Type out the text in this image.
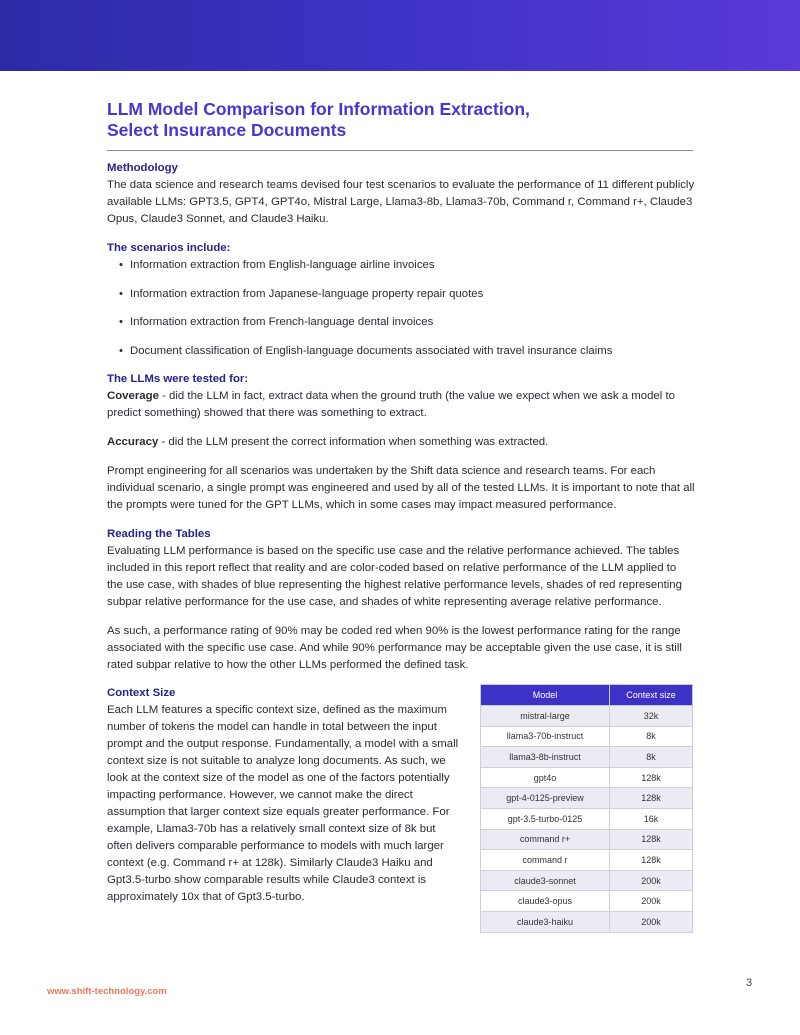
LLM Model Comparison for Information Extraction,
Select Insurance Documents
Methodology

The data science and research teams devised four test scenarios to evaluate the performance of 11 different publicly available LLMs: GPT3.5, GPT4, GPT4o, Mistral Large, Llama3-8b, Llama3-70b, Command r, Command r+, Claude3 Opus, Claude3 Sonnet, and Claude3 Haiku.

The scenarios include:
• Information extraction from English-language airline invoices
• Information extraction from Japanese-language property repair quotes
• Information extraction from French-language dental invoices
• Document classification of English-language documents associated with travel insurance claims
The LLMs were tested for:

Coverage - did the LLM in fact, extract data when the ground truth (the value we expect when we ask a model to predict something) showed that there was something to extract.

Accuracy - did the LLM present the correct information when something was extracted.

Prompt engineering for all scenarios was undertaken by the Shift data science and research teams. For each individual scenario, a single prompt was engineered and used by all of the tested LLMs. It is important to note that all the prompts were tuned for the GPT LLMs, which in some cases may impact measured performance.

Reading the Tables

Evaluating LLM performance is based on the specific use case and the relative performance achieved. The tables included in this report reflect that reality and are color-coded based on relative performance of the LLM applied to the use case, with shades of blue representing the highest relative performance levels, shades of red representing subpar relative performance for the use case, and shades of white representing average relative performance.

As such, a performance rating of 90% may be coded red when 90% is the lowest performance rating for the range associated with the specific use case. And while 90% performance may be acceptable given the use case, it is still rated subpar relative to how the other LLMs performed the defined task.

Context Size

Each LLM features a specific context size, defined as the maximum number of tokens the model can handle in total between the input prompt and the output response. Fundamentally, a model with a small context size is not suitable to analyze long documents. As such, we look at the context size of the model as one of the factors potentially impacting performance. However, we cannot make the direct assumption that larger context size equals greater performance. For example, Llama3-70b has a relatively small context size of 8k but often delivers comparable performance to models with much larger context (e.g. Command r+ at 128k). Similarly Claude3 Haiku and Gpt3.5-turbo show comparable results while Claude3 context is approximately 10x that of Gpt3.5-turbo.

Model	Context size
mistral-large	32k
llama3-70b-instruct	8k
llama3-8b-instruct	8k
gpt4o	128k
gpt-4-0125-preview	128k
gpt-3.5-turbo-0125	16k
command r+	128k
command r	128k
claude3-sonnet	200k
claude3-opus	200k
claude3-haiku	200k
www.shift-technology.com
3
